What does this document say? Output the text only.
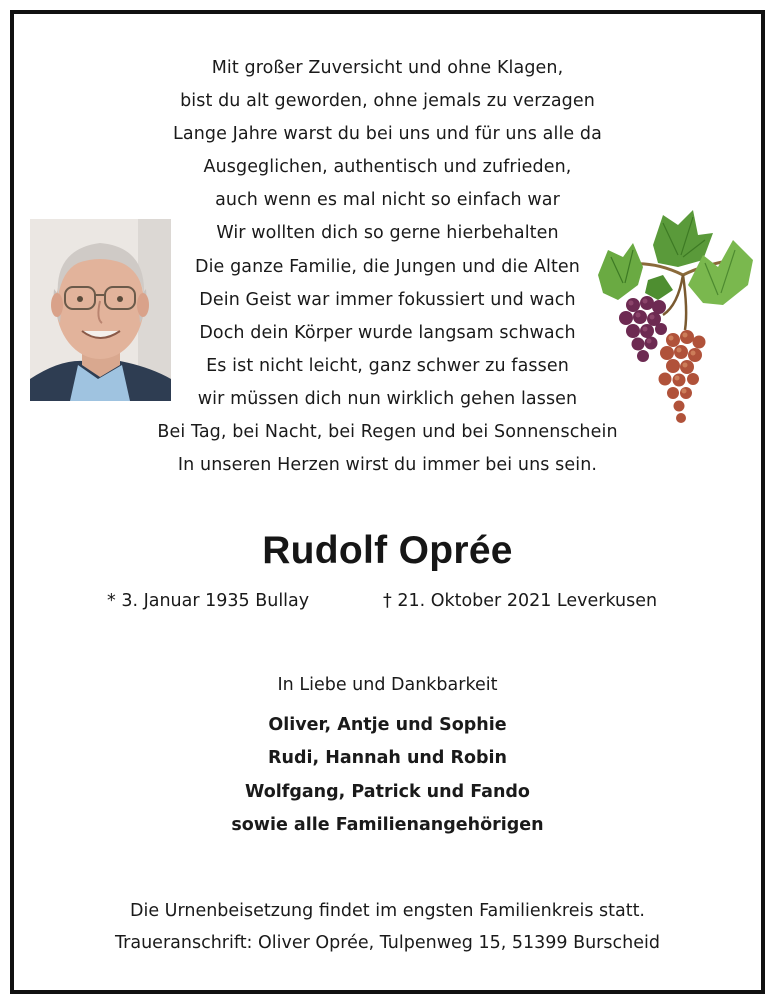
Mit großer Zuversicht und ohne Klagen,
bist du alt geworden, ohne jemals zu verzagen
Lange Jahre warst du bei uns und für uns alle da
Ausgeglichen, authentisch und zufrieden,
auch wenn es mal nicht so einfach war
Wir wollten dich so gerne hierbehalten
Die ganze Familie, die Jungen und die Alten
Dein Geist war immer fokussiert und wach
Doch dein Körper wurde langsam schwach
Es ist nicht leicht, ganz schwer zu fassen
wir müssen dich nun wirklich gehen lassen
Bei Tag, bei Nacht, bei Regen und bei Sonnenschein
In unseren Herzen wirst du immer bei uns sein.
Rudolf Oprée
* 3. Januar 1935 Bullay	† 21. Oktober 2021 Leverkusen
In Liebe und Dankbarkeit
Oliver, Antje und Sophie
Rudi, Hannah und Robin
Wolfgang, Patrick und Fando
sowie alle Familienangehörigen
Die Urnenbeisetzung findet im engsten Familienkreis statt.
Traueranschrift: Oliver Oprée, Tulpenweg 15, 51399 Burscheid
